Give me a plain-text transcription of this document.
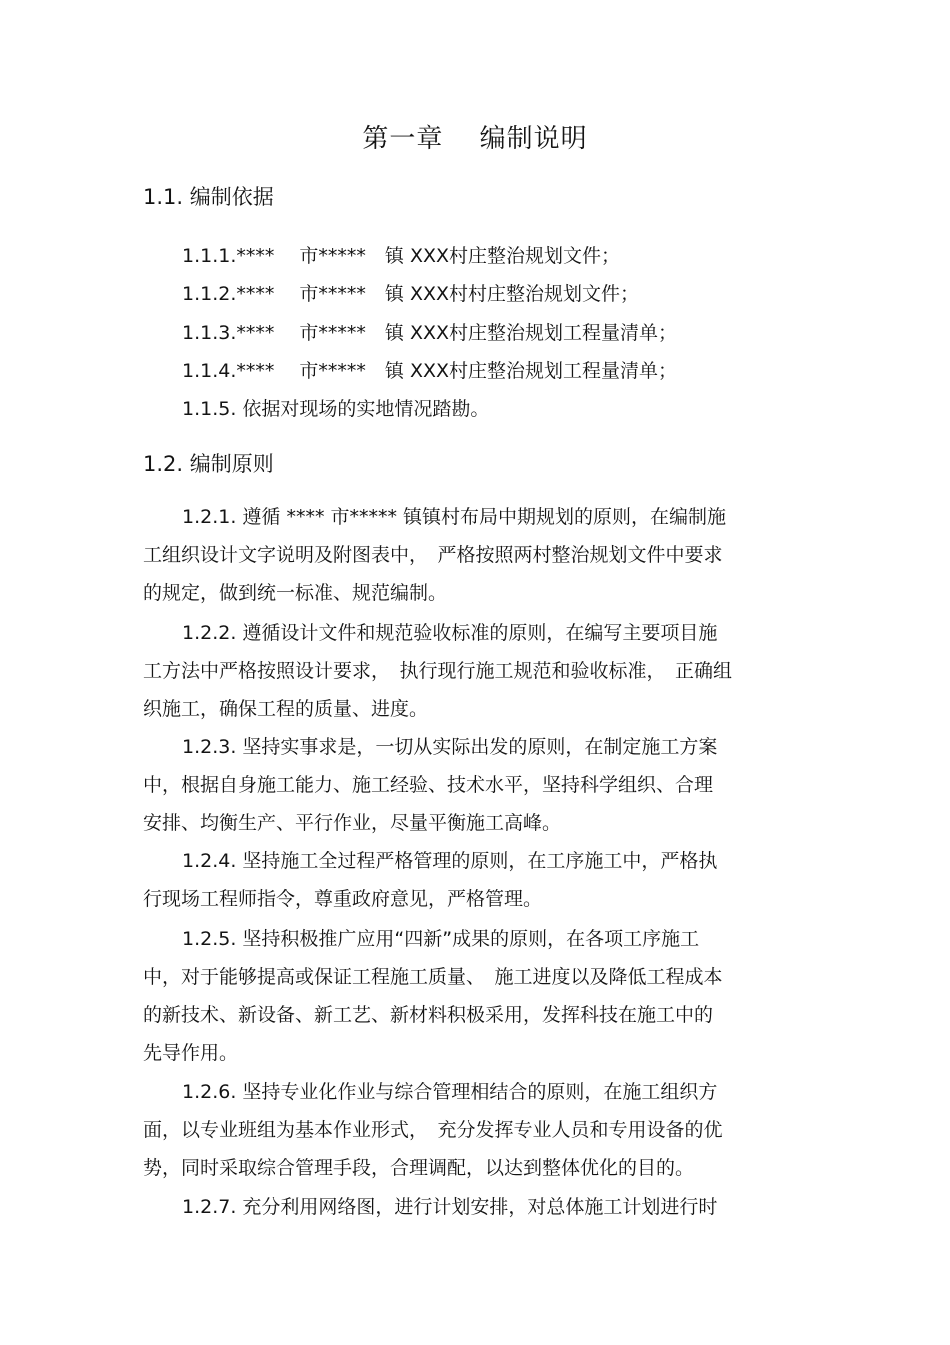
第一章　 编制说明
1.1. 编制依据
1.1.1.****　 市*****　镇 XXX村庄整治规划文件；
1.1.2.****　 市*****　镇 XXX村村庄整治规划文件；
1.1.3.****　 市*****　镇 XXX村庄整治规划工程量清单；
1.1.4.****　 市*****　镇 XXX村庄整治规划工程量清单；
1.1.5. 依据对现场的实地情况踏勘。
1.2. 编制原则
1.2.1. 遵循 **** 市***** 镇镇村布局中期规划的原则，在编制施
工组织设计文字说明及附图表中，　严格按照两村整治规划文件中要求
的规定，做到统一标准、规范编制。
1.2.2. 遵循设计文件和规范验收标准的原则，在编写主要项目施
工方法中严格按照设计要求，　执行现行施工规范和验收标准，　正确组
织施工，确保工程的质量、进度。
1.2.3. 坚持实事求是，一切从实际出发的原则，在制定施工方案
中，根据自身施工能力、施工经验、技术水平，坚持科学组织、合理
安排、均衡生产、平行作业，尽量平衡施工高峰。
1.2.4. 坚持施工全过程严格管理的原则，在工序施工中，严格执
行现场工程师指令，尊重政府意见，严格管理。
1.2.5. 坚持积极推广应用“四新”成果的原则，在各项工序施工
中，对于能够提高或保证工程施工质量、　施工进度以及降低工程成本
的新技术、新设备、新工艺、新材料积极采用，发挥科技在施工中的
先导作用。
1.2.6. 坚持专业化作业与综合管理相结合的原则，在施工组织方
面，以专业班组为基本作业形式，　充分发挥专业人员和专用设备的优
势，同时采取综合管理手段，合理调配，以达到整体优化的目的。
1.2.7. 充分利用网络图，进行计划安排，对总体施工计划进行时
